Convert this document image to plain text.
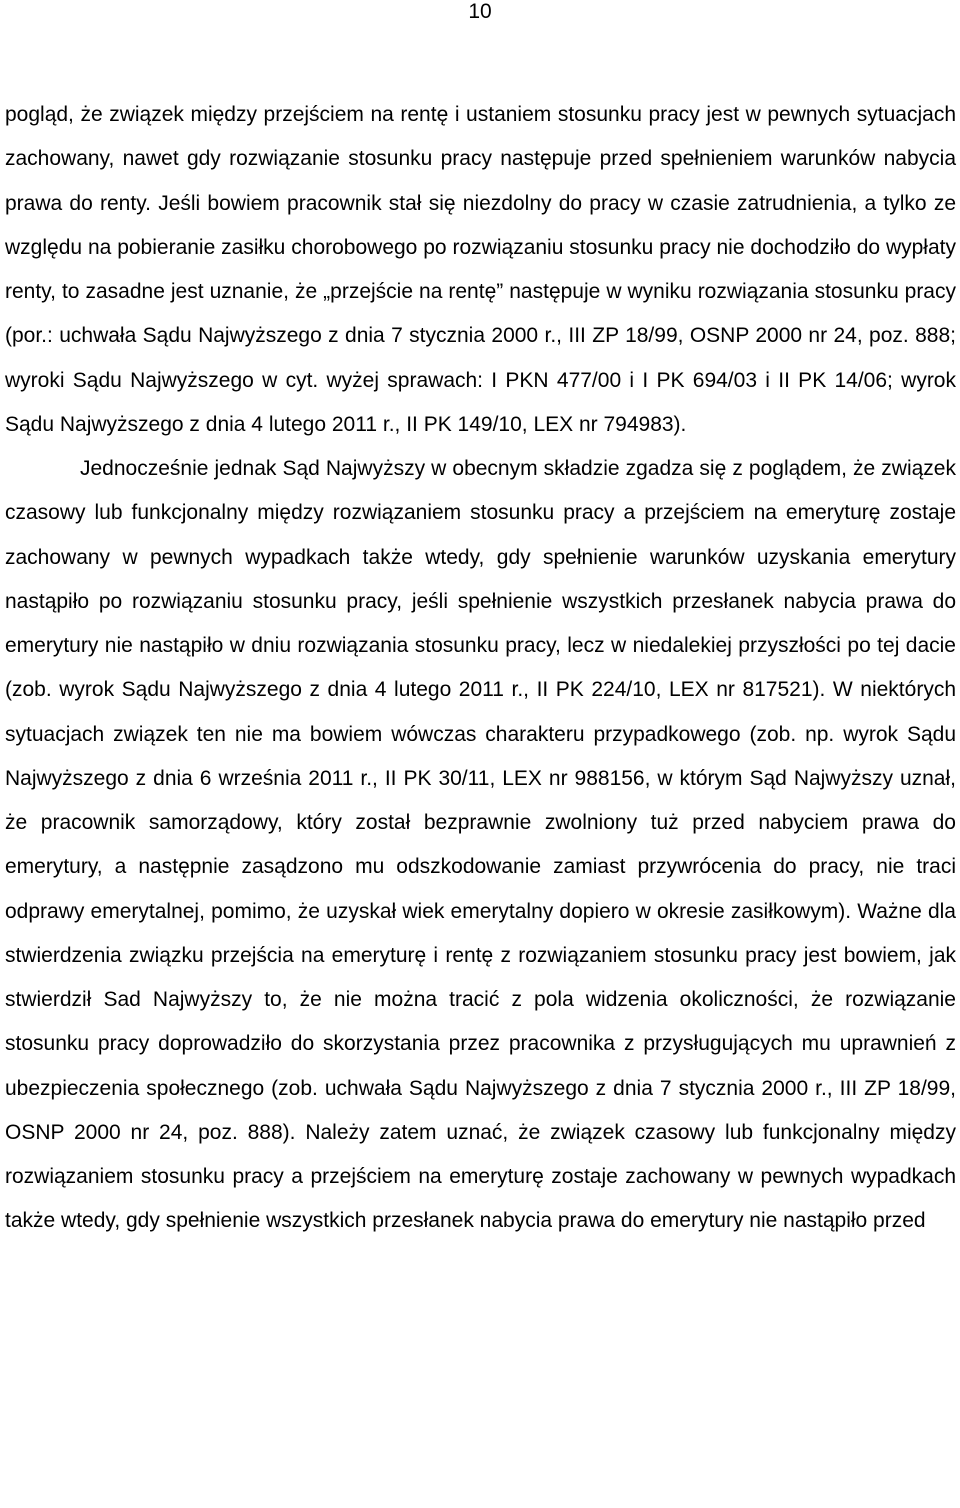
10

pogląd, że związek między przejściem na rentę i ustaniem stosunku pracy jest w pewnych sytuacjach zachowany, nawet gdy rozwiązanie stosunku pracy następuje przed spełnieniem warunków nabycia prawa do renty. Jeśli bowiem pracownik stał się niezdolny do pracy w czasie zatrudnienia, a tylko ze względu na pobieranie zasiłku chorobowego po rozwiązaniu stosunku pracy nie dochodziło do wypłaty renty, to zasadne jest uznanie, że „przejście na rentę” następuje w wyniku rozwiązania stosunku pracy (por.: uchwała Sądu Najwyższego z dnia 7 stycznia 2000 r., III ZP 18/99, OSNP 2000 nr 24, poz. 888; wyroki Sądu Najwyższego w cyt. wyżej sprawach: I PKN 477/00 i I PK 694/03 i II PK 14/06; wyrok Sądu Najwyższego z dnia 4 lutego 2011 r., II PK 149/10, LEX nr 794983).

Jednocześnie jednak Sąd Najwyższy w obecnym składzie zgadza się z poglądem, że związek czasowy lub funkcjonalny między rozwiązaniem stosunku pracy a przejściem na emeryturę zostaje zachowany w pewnych wypadkach także wtedy, gdy spełnienie warunków uzyskania emerytury nastąpiło po rozwiązaniu stosunku pracy, jeśli spełnienie wszystkich przesłanek nabycia prawa do emerytury nie nastąpiło w dniu rozwiązania stosunku pracy, lecz w niedalekiej przyszłości po tej dacie (zob. wyrok Sądu Najwyższego z dnia 4 lutego 2011 r., II PK 224/10, LEX nr 817521). W niektórych sytuacjach związek ten nie ma bowiem wówczas charakteru przypadkowego (zob. np. wyrok Sądu Najwyższego z dnia 6 września 2011 r., II PK 30/11, LEX nr 988156, w którym Sąd Najwyższy uznał, że pracownik samorządowy, który został bezprawnie zwolniony tuż przed nabyciem prawa do emerytury, a następnie zasądzono mu odszkodowanie zamiast przywrócenia do pracy, nie traci odprawy emerytalnej, pomimo, że uzyskał wiek emerytalny dopiero w okresie zasiłkowym). Ważne dla stwierdzenia związku przejścia na emeryturę i rentę z rozwiązaniem stosunku pracy jest bowiem, jak stwierdził Sad Najwyższy to, że nie można tracić z pola widzenia okoliczności, że rozwiązanie stosunku pracy doprowadziło do skorzystania przez pracownika z przysługujących mu uprawnień z ubezpieczenia społecznego (zob. uchwała Sądu Najwyższego z dnia 7 stycznia 2000 r., III ZP 18/99, OSNP 2000 nr 24, poz. 888). Należy zatem uznać, że związek czasowy lub funkcjonalny między rozwiązaniem stosunku pracy a przejściem na emeryturę zostaje zachowany w pewnych wypadkach także wtedy, gdy spełnienie wszystkich przesłanek nabycia prawa do emerytury nie nastąpiło przed
